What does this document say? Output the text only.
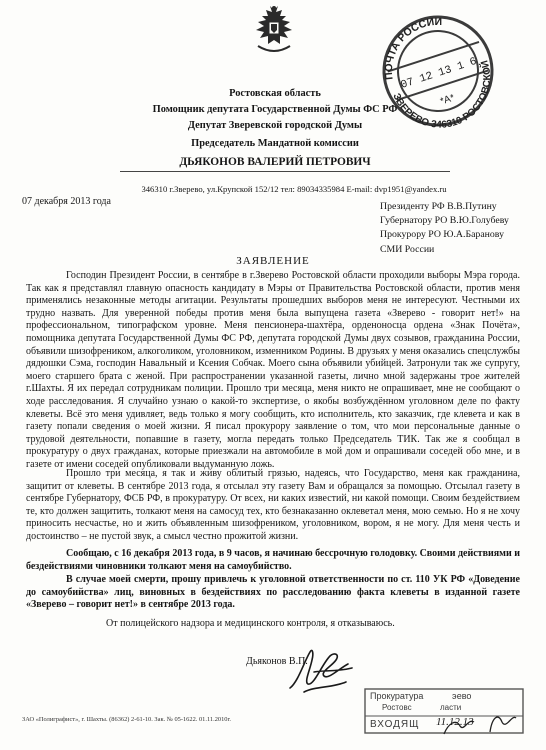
ПОЧТА РОССИИ
ЗВЕРЕВО 346310 РОСТОВСКОЙ
07 12 13 1 6
*А*
Ростовская область
Помощник депутата Государственной Думы ФС РФ
Депутат Зверевской городской Думы
Председатель Мандатной комиссии
ДЬЯКОНОВ ВАЛЕРИЙ ПЕТРОВИЧ
346310 г.Зверево, ул.Крупской 152/12 тел: 89034335984 E-mail: dvp1951@yandex.ru
07 декабря 2013 года	Президенту РФ В.В.Путину
Губернатору РО В.Ю.Голубеву
Прокурору РО Ю.А.Баранову
СМИ России
ЗАЯВЛЕНИЕ

Господин Президент России, в сентябре в г.Зверево Ростовской области проходили выборы Мэра города. Так как я представлял главную опасность кандидату в Мэры от Правительства Ростовской области, против меня применялись незаконные методы агитации. Результаты прошедших выборов меня не интересуют. Честными их трудно назвать. Для уверенной победы против меня была выпущена газета «Зверево - говорит нет!» на профессиональном, типографском уровне. Меня пенсионера-шахтёра, орденоносца ордена «Знак Почёта», помощника депутата Государственной Думы ФС РФ, депутата городской Думы двух созывов, гражданина России, объявили шизофреником, алкоголиком, уголовником, изменником Родины. В друзьях у меня оказались спецслужбы дядюшки Сэма, господин Навальный и Ксения Собчак. Моего сына объявили убийцей. Затронули так же супругу, моего старшего брата с женой. При распространении указанной газеты, лично мной задержаны трое жителей г.Шахты. Я их передал сотрудникам полиции. Прошло три месяца, меня никто не опрашивает, мне не сообщают о ходе расследования. Я случайно узнаю о какой-то экспертизе, о якобы возбуждённом уголовном деле по факту клеветы. Всё это меня удивляет, ведь только я могу сообщить, кто исполнитель, кто заказчик, где клевета и как в газету попали сведения о моей жизни. Я писал прокурору заявление о том, что мои персональные данные о трудовой деятельности, попавшие в газету, могла передать только Председатель ТИК. Так же я сообщал в прокуратуру о двух гражданах, которые приезжали на автомобиле в мой дом и опрашивали соседей обо мне, и в газете от имени соседей опубликовали выдуманную ложь.

Прошло три месяца, я так и живу облитый грязью, надеясь, что Государство, меня как гражданина, защитит от клеветы. В сентябре 2013 года, я отсылал эту газету Вам и обращался за помощью. Отсылал газету в сентябре Губернатору, ФСБ РФ, в прокуратуру. От всех, ни каких известий, ни какой помощи. Своим бездействием те, кто должен защитить, толкают меня на самосуд тех, кто безнаказанно оклеветал меня, мою семью. Но я не хочу приносить несчастье, но и жить объявленным шизофреником, уголовником, вором, я не могу. Для меня честь и достоинство – не пустой звук, а смысл честно прожитой жизни.

Сообщаю, с 16 декабря 2013 года, в 9 часов, я начинаю бессрочную голодовку. Своими действиями и бездействиями чиновники толкают меня на самоубийство.

В случае моей смерти, прошу привлечь к уголовной ответственности по ст. 110 УК РФ «Доведение до самоубийства» лиц, виновных в бездействиях по расследованию факта клеветы в изданной газете «Зверево – говорит нет!» в сентябре 2013 года.

От полицейского надзора и медицинского контроля, я отказываюсь.

Дьяконов В.П.
ЗАО «Полиграфист», г. Шахты. (86362) 2-61-10. Зак. № 05-1622. 01.11.2010г.
Прокуратура	эево
Ростовс	ласти
ВХОДЯЩ 11.12.13
